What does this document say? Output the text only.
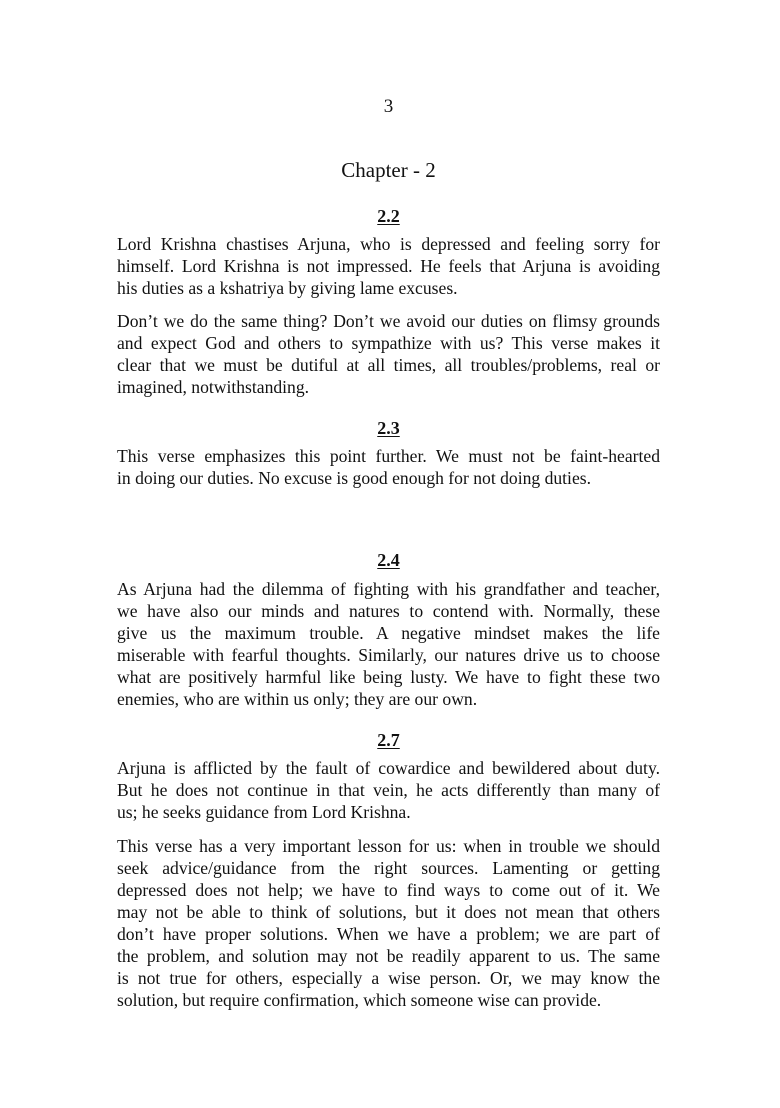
3
Chapter - 2
2.2
Lord Krishna chastises Arjuna, who is depressed and feeling sorry for
himself. Lord Krishna is not impressed. He feels that Arjuna is avoiding
his duties as a kshatriya by giving lame excuses.
Don’t we do the same thing? Don’t we avoid our duties on flimsy grounds
and expect God and others to sympathize with us? This verse makes it
clear that we must be dutiful at all times, all troubles/problems, real or
imagined, notwithstanding.
2.3
This verse emphasizes this point further. We must not be faint-hearted
in doing our duties. No excuse is good enough for not doing duties.
2.4
As Arjuna had the dilemma of fighting with his grandfather and teacher,
we have also our minds and natures to contend with. Normally, these
give us the maximum trouble. A negative mindset makes the life
miserable with fearful thoughts. Similarly, our natures drive us to choose
what are positively harmful like being lusty. We have to fight these two
enemies, who are within us only; they are our own.
2.7
Arjuna is afflicted by the fault of cowardice and bewildered about duty.
But he does not continue in that vein, he acts differently than many of
us; he seeks guidance from Lord Krishna.
This verse has a very important lesson for us: when in trouble we should
seek advice/guidance from the right sources. Lamenting or getting
depressed does not help; we have to find ways to come out of it. We
may not be able to think of solutions, but it does not mean that others
don’t have proper solutions. When we have a problem; we are part of
the problem, and solution may not be readily apparent to us. The same
is not true for others, especially a wise person. Or, we may know the
solution, but require confirmation, which someone wise can provide.
